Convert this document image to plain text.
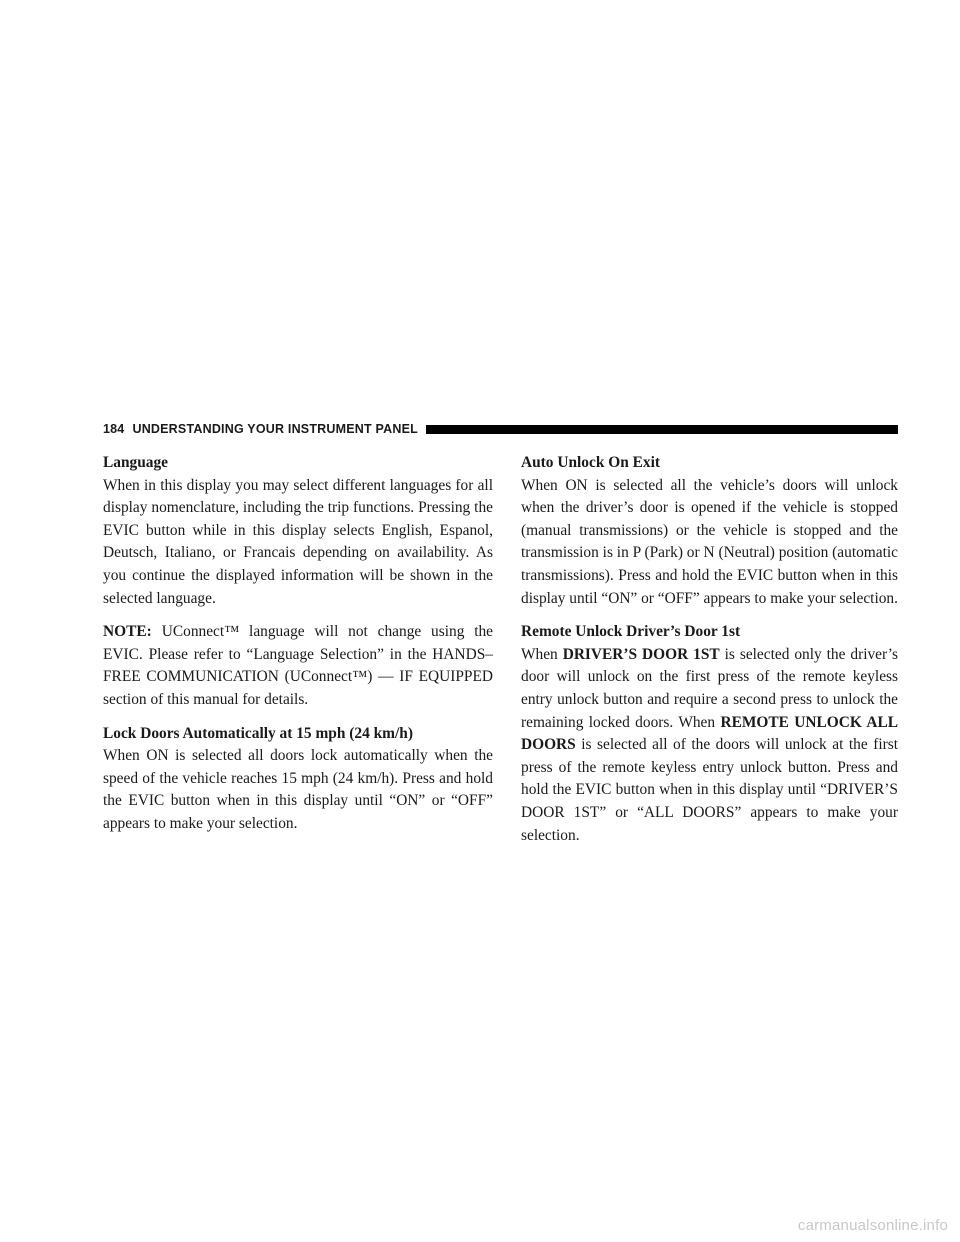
184 UNDERSTANDING YOUR INSTRUMENT PANEL
Language

When in this display you may select different languages for all display nomenclature, including the trip functions. Pressing the EVIC button while in this display selects English, Espanol, Deutsch, Italiano, or Francais depending on availability. As you continue the displayed information will be shown in the selected language.

NOTE: UConnect™ language will not change using the EVIC. Please refer to “Language Selection” in the HANDS–FREE COMMUNICATION (UConnect™) — IF EQUIPPED section of this manual for details.

Lock Doors Automatically at 15 mph (24 km/h)

When ON is selected all doors lock automatically when the speed of the vehicle reaches 15 mph (24 km/h). Press and hold the EVIC button when in this display until “ON” or “OFF” appears to make your selection.

Auto Unlock On Exit

When ON is selected all the vehicle’s doors will unlock when the driver’s door is opened if the vehicle is stopped (manual transmissions) or the vehicle is stopped and the transmission is in P (Park) or N (Neutral) position (automatic transmissions). Press and hold the EVIC button when in this display until “ON” or “OFF” appears to make your selection.

Remote Unlock Driver’s Door 1st

When DRIVER’S DOOR 1ST is selected only the driver’s door will unlock on the first press of the remote keyless entry unlock button and require a second press to unlock the remaining locked doors. When REMOTE UNLOCK ALL DOORS is selected all of the doors will unlock at the first press of the remote keyless entry unlock button. Press and hold the EVIC button when in this display until “DRIVER’S DOOR 1ST” or “ALL DOORS” appears to make your selection.

carmanualsonline.info
